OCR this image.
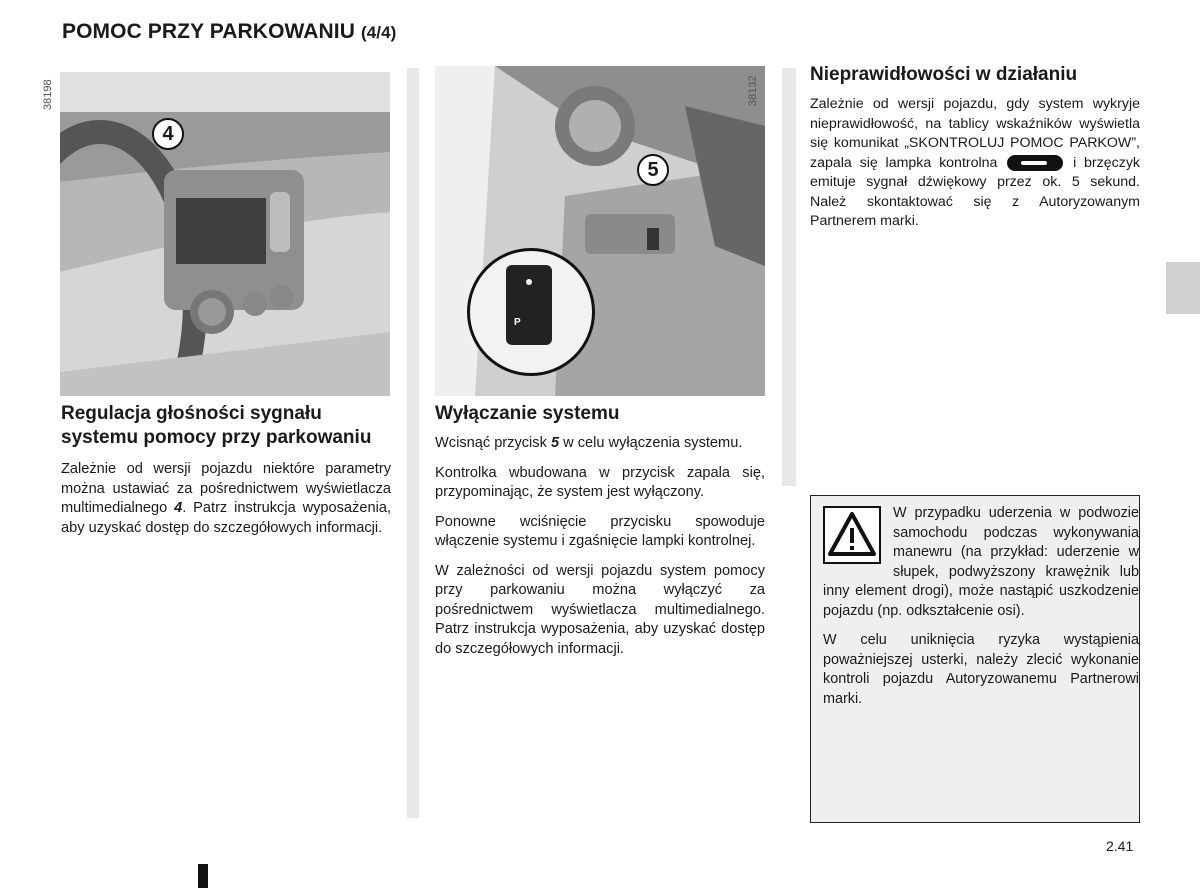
POMOC PRZY PARKOWANIU (4/4)
4
38198
P
5
38132
Regulacja głośności sygnału systemu pomocy przy parkowaniu

Zależnie od wersji pojazdu niektóre parametry można ustawiać za pośrednictwem wyświetlacza multimedialnego 4. Patrz instrukcja wyposażenia, aby uzyskać dostęp do szczegółowych informacji.

Wyłączanie systemu

Wcisnąć przycisk 5 w celu wyłączenia systemu.

Kontrolka wbudowana w przycisk zapala się, przypominając, że system jest wyłączony.

Ponowne wciśnięcie przycisku spowoduje włączenie systemu i zgaśnięcie lampki kontrolnej.

W zależności od wersji pojazdu system pomocy przy parkowaniu można wyłączyć za pośrednictwem wyświetlacza multimedialnego. Patrz instrukcja wyposażenia, aby uzyskać dostęp do szczegółowych informacji.

Nieprawidłowości w działaniu

Zależnie od wersji pojazdu, gdy system wykryje nieprawidłowość, na tablicy wskaźników wyświetla się komunikat „SKONTROLUJ POMOC PARKOW”, zapala się lampka kontrolna	i brzęczyk emituje sygnał dźwiękowy przez ok. 5 sekund. Należ skontaktować się z Autoryzowanym Partnerem marki.

W przypadku uderzenia w podwozie samochodu podczas wykonywania manewru (na przykład: uderzenie w słupek, podwyższony krawężnik lub inny element drogi), może nastąpić uszkodzenie pojazdu (np. odkształcenie osi).

W celu uniknięcia ryzyka wystąpienia poważniejszej usterki, należy zlecić wykonanie kontroli pojazdu Autoryzowanemu Partnerowi marki.

2.41
